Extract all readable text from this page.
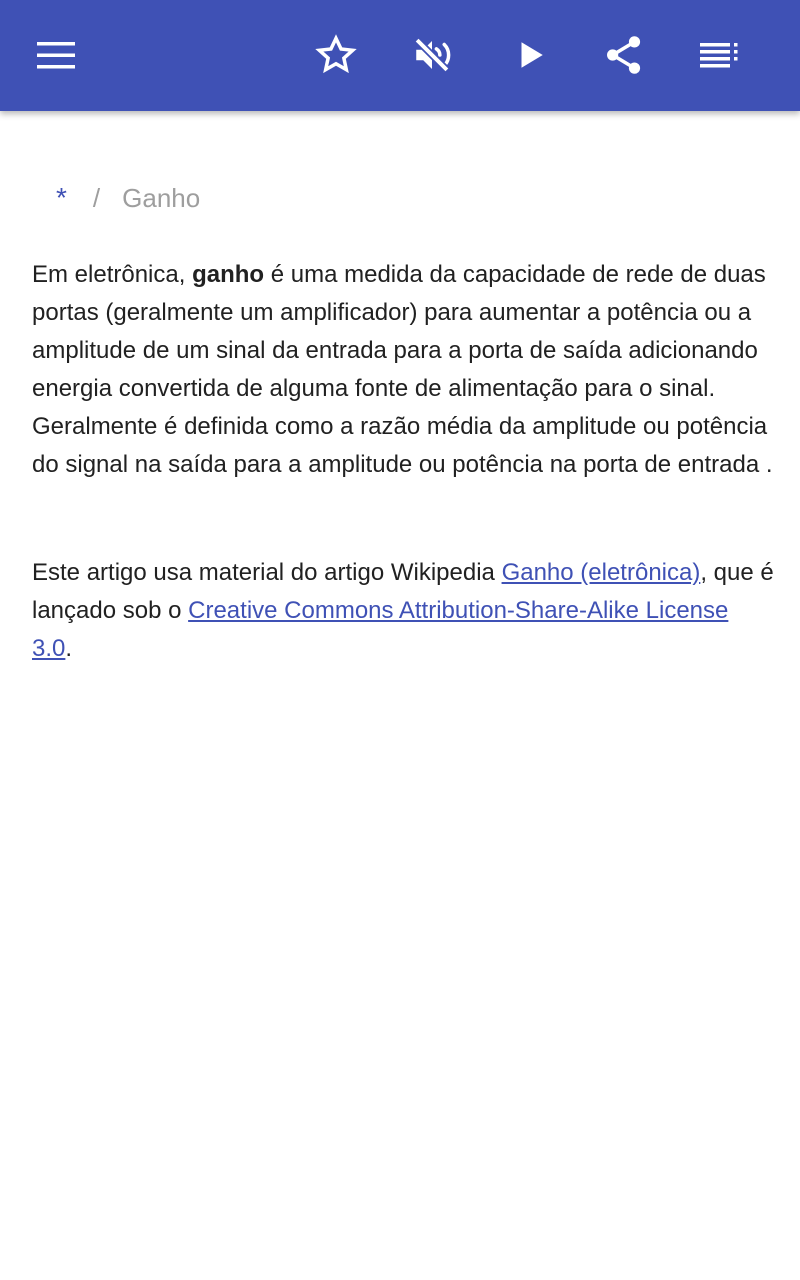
* / Ganho

Em eletrônica, ganho é uma medida da capacidade de rede de duas portas (geralmente um amplificador) para aumentar a potência ou a amplitude de um sinal da entrada para a porta de saída adicionando energia convertida de alguma fonte de alimentação para o sinal. Geralmente é definida como a razão média da amplitude ou potência do signal na saída para a amplitude ou potência na porta de entrada .

Este artigo usa material do artigo Wikipedia Ganho (eletrônica), que é lançado sob o Creative Commons Attribution-Share-Alike License 3.0.
